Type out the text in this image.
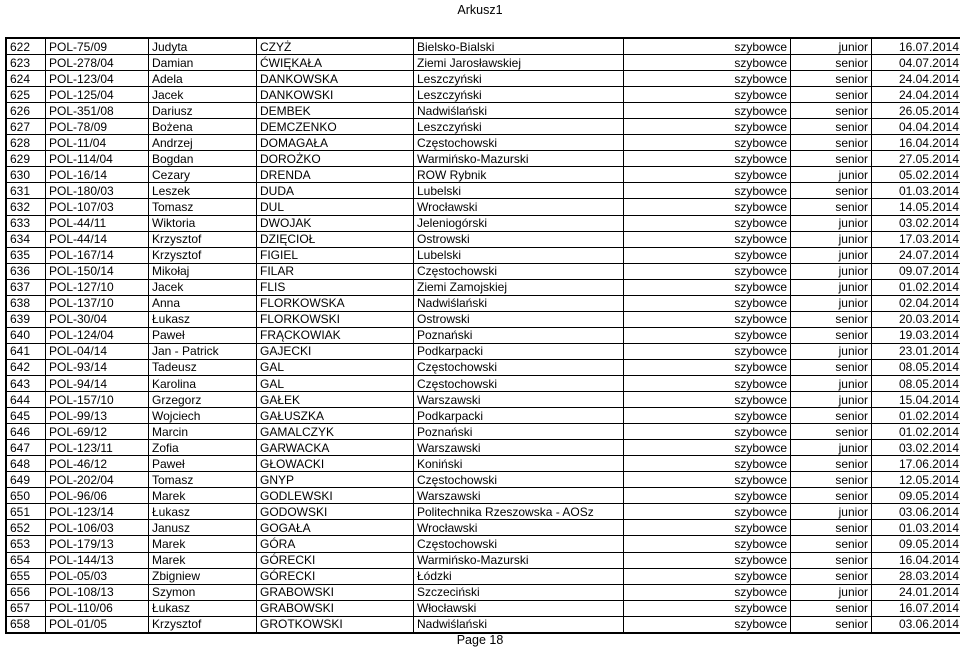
Arkusz1
622	POL-75/09	Judyta	CZYŻ	Bielsko-Bialski	szybowce	junior	16.07.2014
623	POL-278/04	Damian	ĆWIĘKAŁA	Ziemi Jarosławskiej	szybowce	senior	04.07.2014
624	POL-123/04	Adela	DANKOWSKA	Leszczyński	szybowce	senior	24.04.2014
625	POL-125/04	Jacek	DANKOWSKI	Leszczyński	szybowce	senior	24.04.2014
626	POL-351/08	Dariusz	DEMBEK	Nadwiślański	szybowce	senior	26.05.2014
627	POL-78/09	Bożena	DEMCZENKO	Leszczyński	szybowce	senior	04.04.2014
628	POL-11/04	Andrzej	DOMAGAŁA	Częstochowski	szybowce	senior	16.04.2014
629	POL-114/04	Bogdan	DOROŻKO	Warmińsko-Mazurski	szybowce	senior	27.05.2014
630	POL-16/14	Cezary	DRENDA	ROW Rybnik	szybowce	junior	05.02.2014
631	POL-180/03	Leszek	DUDA	Lubelski	szybowce	senior	01.03.2014
632	POL-107/03	Tomasz	DUL	Wrocławski	szybowce	senior	14.05.2014
633	POL-44/11	Wiktoria	DWOJAK	Jeleniogórski	szybowce	junior	03.02.2014
634	POL-44/14	Krzysztof	DZIĘCIOŁ	Ostrowski	szybowce	junior	17.03.2014
635	POL-167/14	Krzysztof	FIGIEL	Lubelski	szybowce	junior	24.07.2014
636	POL-150/14	Mikołaj	FILAR	Częstochowski	szybowce	junior	09.07.2014
637	POL-127/10	Jacek	FLIS	Ziemi Zamojskiej	szybowce	junior	01.02.2014
638	POL-137/10	Anna	FLORKOWSKA	Nadwiślański	szybowce	junior	02.04.2014
639	POL-30/04	Łukasz	FLORKOWSKI	Ostrowski	szybowce	senior	20.03.2014
640	POL-124/04	Paweł	FRĄCKOWIAK	Poznański	szybowce	senior	19.03.2014
641	POL-04/14	Jan - Patrick	GAJECKI	Podkarpacki	szybowce	junior	23.01.2014
642	POL-93/14	Tadeusz	GAL	Częstochowski	szybowce	senior	08.05.2014
643	POL-94/14	Karolina	GAL	Częstochowski	szybowce	junior	08.05.2014
644	POL-157/10	Grzegorz	GAŁEK	Warszawski	szybowce	junior	15.04.2014
645	POL-99/13	Wojciech	GAŁUSZKA	Podkarpacki	szybowce	senior	01.02.2014
646	POL-69/12	Marcin	GAMALCZYK	Poznański	szybowce	senior	01.02.2014
647	POL-123/11	Zofia	GARWACKA	Warszawski	szybowce	junior	03.02.2014
648	POL-46/12	Paweł	GŁOWACKI	Koniński	szybowce	senior	17.06.2014
649	POL-202/04	Tomasz	GNYP	Częstochowski	szybowce	senior	12.05.2014
650	POL-96/06	Marek	GODLEWSKI	Warszawski	szybowce	senior	09.05.2014
651	POL-123/14	Łukasz	GODOWSKI	Politechnika Rzeszowska - AOSz	szybowce	junior	03.06.2014
652	POL-106/03	Janusz	GOGAŁA	Wrocławski	szybowce	senior	01.03.2014
653	POL-179/13	Marek	GÓRA	Częstochowski	szybowce	senior	09.05.2014
654	POL-144/13	Marek	GÓRECKI	Warmińsko-Mazurski	szybowce	senior	16.04.2014
655	POL-05/03	Zbigniew	GÓRECKI	Łódzki	szybowce	senior	28.03.2014
656	POL-108/13	Szymon	GRABOWSKI	Szczeciński	szybowce	junior	24.01.2014
657	POL-110/06	Łukasz	GRABOWSKI	Włocławski	szybowce	senior	16.07.2014
658	POL-01/05	Krzysztof	GROTKOWSKI	Nadwiślański	szybowce	senior	03.06.2014
Page 18
